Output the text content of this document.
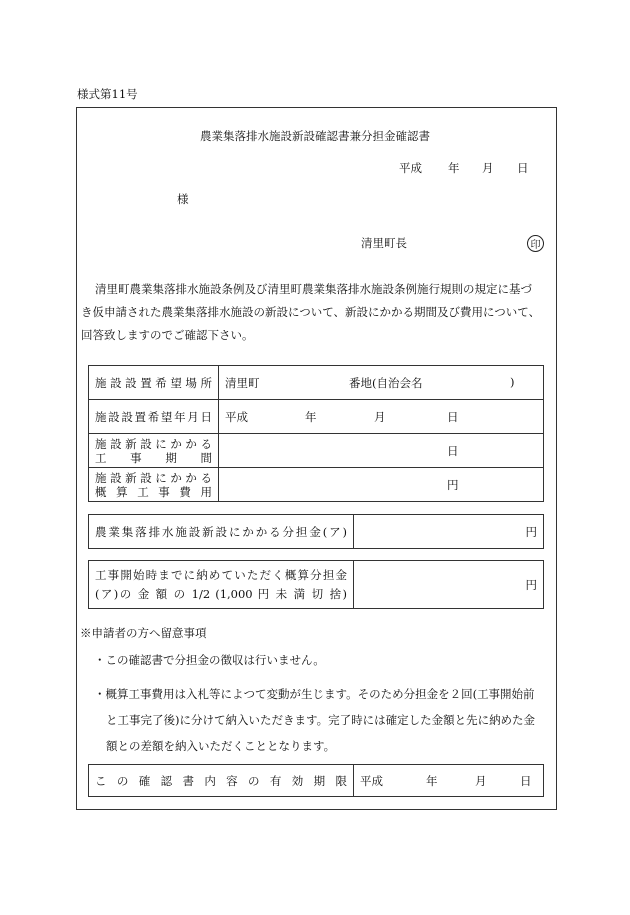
様式第11号
農業集落排水施設新設確認書兼分担金確認書
平成 年 月 日
様
清里町長	印
清里町農業集落排水施設条例及び清里町農業集落排水施設条例施行規則の規定に基づ
き仮申請された農業集落排水施設の新設について、新設にかかる期間及び費用について、
回答致しますのでご確認下さい。
施設設置希望場所	清里町 番地(自治会名 )

施設設置希望年月日	平成 年 月 日

施設新設にかかる
工事期間	日

施設新設にかかる
概算工事費用	円
農業集落排水施設新設にかかる分担金(ア)	円
工事開始時までに納めていただく概算分担金
(ア)の 金 額 の 1/2 (1,000 円 未 満 切 捨)
	円
※申請者の方へ留意事項
・この確認書で分担金の徴収は行いません。
・概算工事費用は入札等によつて変動が生じます。そのため分担金を２回(工事開始前
と工事完了後)に分けて納入いただきます。完了時には確定した金額と先に納めた金
額との差額を納入いただくこととなります。
この確認書内容の有効期限	平成	年	月	日
